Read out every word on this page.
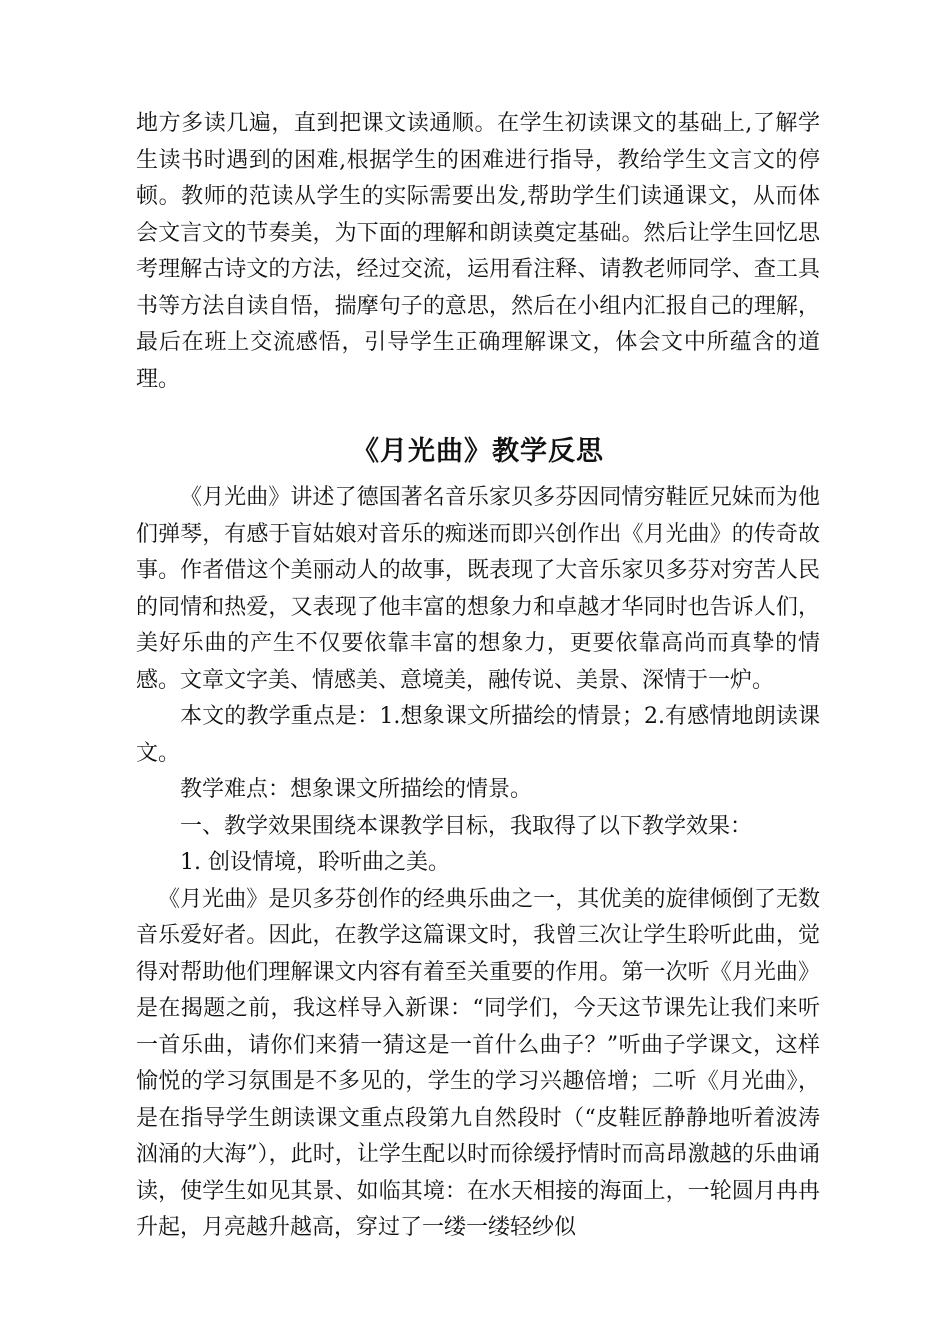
地方多读几遍，直到把课文读通顺。在学生初读课文的基础上,了解学生读书时遇到的困难,根据学生的困难进行指导，教给学生文言文的停顿。教师的范读从学生的实际需要出发,帮助学生们读通课文，从而体会文言文的节奏美，为下面的理解和朗读奠定基础。然后让学生回忆思考理解古诗文的方法，经过交流，运用看注释、请教老师同学、查工具书等方法自读自悟，揣摩句子的意思，然后在小组内汇报自己的理解，最后在班上交流感悟，引导学生正确理解课文，体会文中所蕴含的道理。

《月光曲》教学反思

《月光曲》讲述了德国著名音乐家贝多芬因同情穷鞋匠兄妹而为他们弹琴，有感于盲姑娘对音乐的痴迷而即兴创作出《月光曲》的传奇故事。作者借这个美丽动人的故事，既表现了大音乐家贝多芬对穷苦人民的同情和热爱，又表现了他丰富的想象力和卓越才华同时也告诉人们，美好乐曲的产生不仅要依靠丰富的想象力，更要依靠高尚而真挚的情感。文章文字美、情感美、意境美，融传说、美景、深情于一炉。

本文的教学重点是：1.想象课文所描绘的情景；2.有感情地朗读课文。

教学难点：想象课文所描绘的情景。

一、教学效果围绕本课教学目标，我取得了以下教学效果：

1. 创设情境，聆听曲之美。

《月光曲》是贝多芬创作的经典乐曲之一，其优美的旋律倾倒了无数音乐爱好者。因此，在教学这篇课文时，我曾三次让学生聆听此曲，觉得对帮助他们理解课文内容有着至关重要的作用。第一次听《月光曲》是在揭题之前，我这样导入新课：“同学们，今天这节课先让我们来听一首乐曲，请你们来猜一猜这是一首什么曲子？”听曲子学课文，这样愉悦的学习氛围是不多见的，学生的学习兴趣倍增；二听《月光曲》，是在指导学生朗读课文重点段第九自然段时（“皮鞋匠静静地听着波涛汹涌的大海”），此时，让学生配以时而徐缓抒情时而高昂激越的乐曲诵读，使学生如见其景、如临其境：在水天相接的海面上，一轮圆月冉冉升起，月亮越升越高，穿过了一缕一缕轻纱似
